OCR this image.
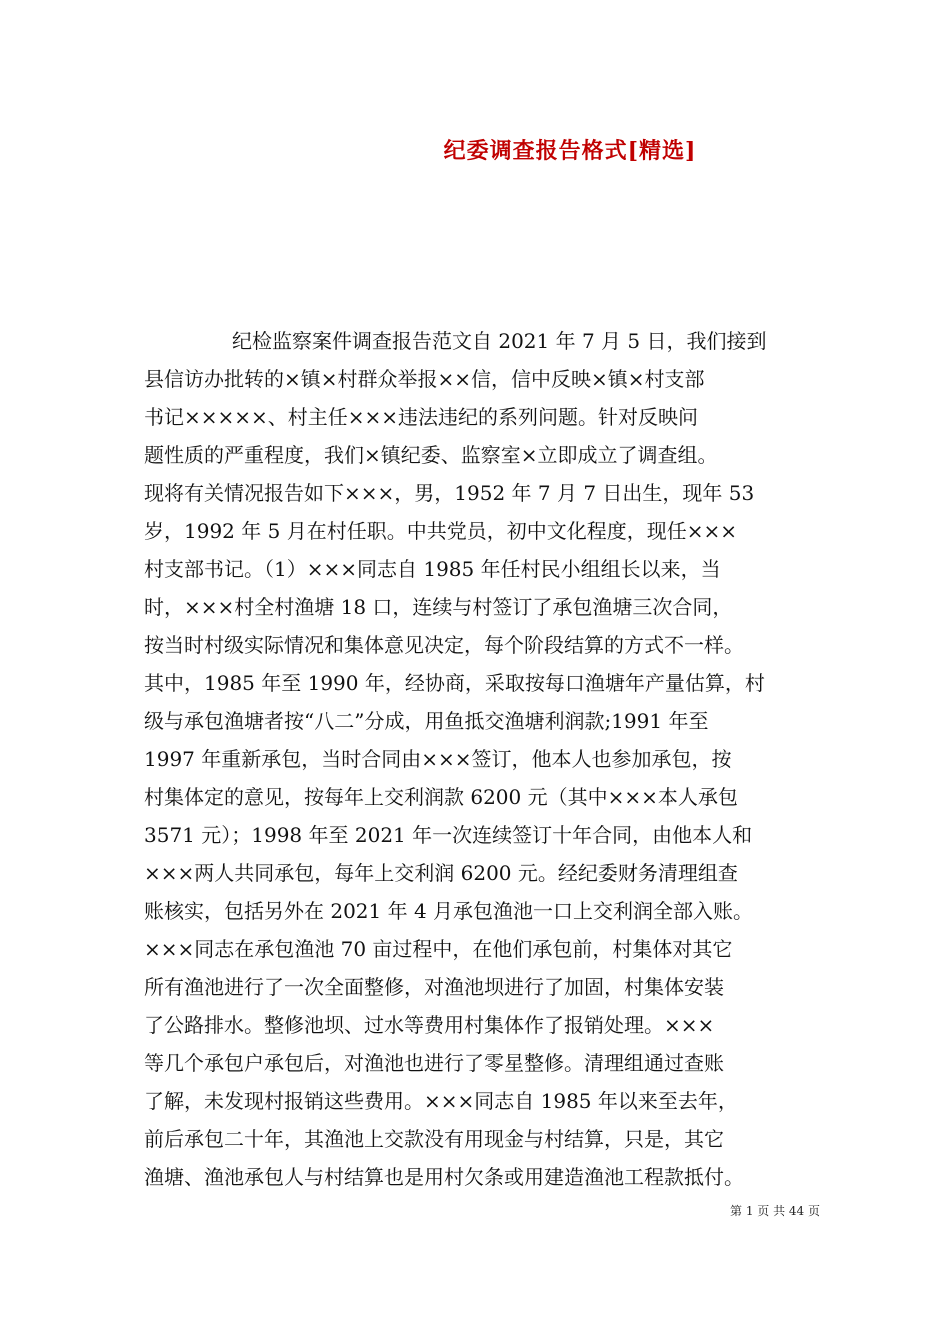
纪委调查报告格式[精选]
纪检监察案件调查报告范文自 2021 年 7 月 5 日，我们接到
县信访办批转的×镇×村群众举报××信，信中反映×镇×村支部
书记×××××、村主任×××违法违纪的系列问题。针对反映问
题性质的严重程度，我们×镇纪委、监察室×立即成立了调查组。
现将有关情况报告如下×××，男，1952 年 7 月 7 日出生，现年 53
岁，1992 年 5 月在村任职。中共党员，初中文化程度，现任×××
村支部书记。（1）×××同志自 1985 年任村民小组组长以来，当
时，×××村全村渔塘 18 口，连续与村签订了承包渔塘三次合同，
按当时村级实际情况和集体意见决定，每个阶段结算的方式不一样。
其中，1985 年至 1990 年，经协商，采取按每口渔塘年产量估算，村
级与承包渔塘者按“八二”分成，用鱼抵交渔塘利润款;1991 年至
1997 年重新承包，当时合同由×××签订，他本人也参加承包，按
村集体定的意见，按每年上交利润款 6200 元（其中×××本人承包
3571 元）；1998 年至 2021 年一次连续签订十年合同，由他本人和
×××两人共同承包，每年上交利润 6200 元。经纪委财务清理组查
账核实，包括另外在 2021 年 4 月承包渔池一口上交利润全部入账。
×××同志在承包渔池 70 亩过程中，在他们承包前，村集体对其它
所有渔池进行了一次全面整修，对渔池坝进行了加固，村集体安装
了公路排水。整修池坝、过水等费用村集体作了报销处理。×××
等几个承包户承包后，对渔池也进行了零星整修。清理组通过查账
了解，未发现村报销这些费用。×××同志自 1985 年以来至去年，
前后承包二十年，其渔池上交款没有用现金与村结算，只是，其它
渔塘、渔池承包人与村结算也是用村欠条或用建造渔池工程款抵付。
第 1 页 共 44 页
